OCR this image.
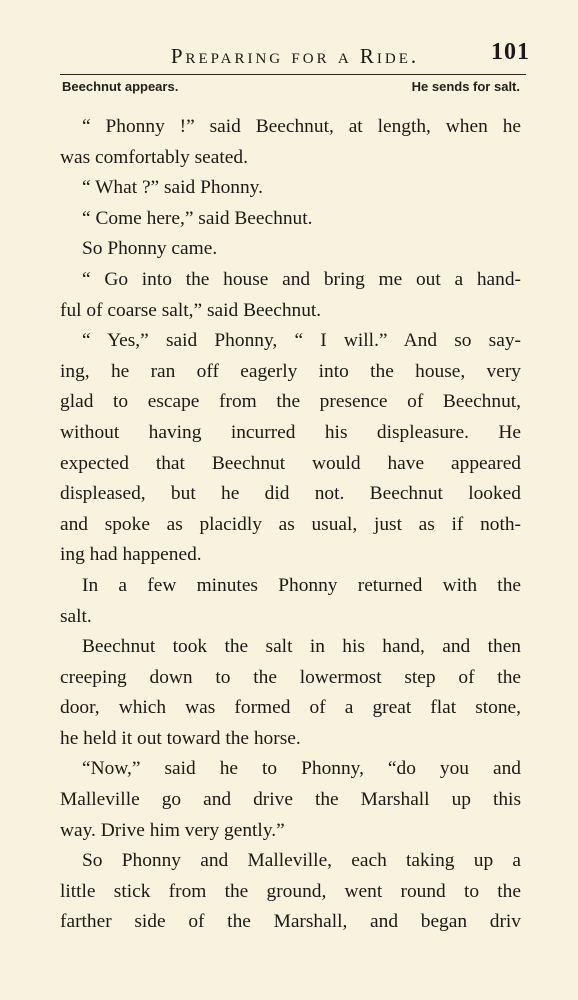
Preparing for a Ride.	101
Beechnut appears.	He sends for salt.
“ Phonny !” said Beechnut, at length, when he
was comfortably seated.
“ What ?” said Phonny.
“ Come here,” said Beechnut.
So Phonny came.
“ Go into the house and bring me out a hand-
ful of coarse salt,” said Beechnut.
“ Yes,” said Phonny, “ I will.” And so say-
ing, he ran off eagerly into the house, very
glad to escape from the presence of Beechnut,
without having incurred his displeasure. He
expected that Beechnut would have appeared
displeased, but he did not. Beechnut looked
and spoke as placidly as usual, just as if noth-
ing had happened.
In a few minutes Phonny returned with the
salt.
Beechnut took the salt in his hand, and then
creeping down to the lowermost step of the
door, which was formed of a great flat stone,
he held it out toward the horse.
“Now,” said he to Phonny, “do you and
Malleville go and drive the Marshall up this
way. Drive him very gently.”
So Phonny and Malleville, each taking up a
little stick from the ground, went round to the
farther side of the Marshall, and began driv
